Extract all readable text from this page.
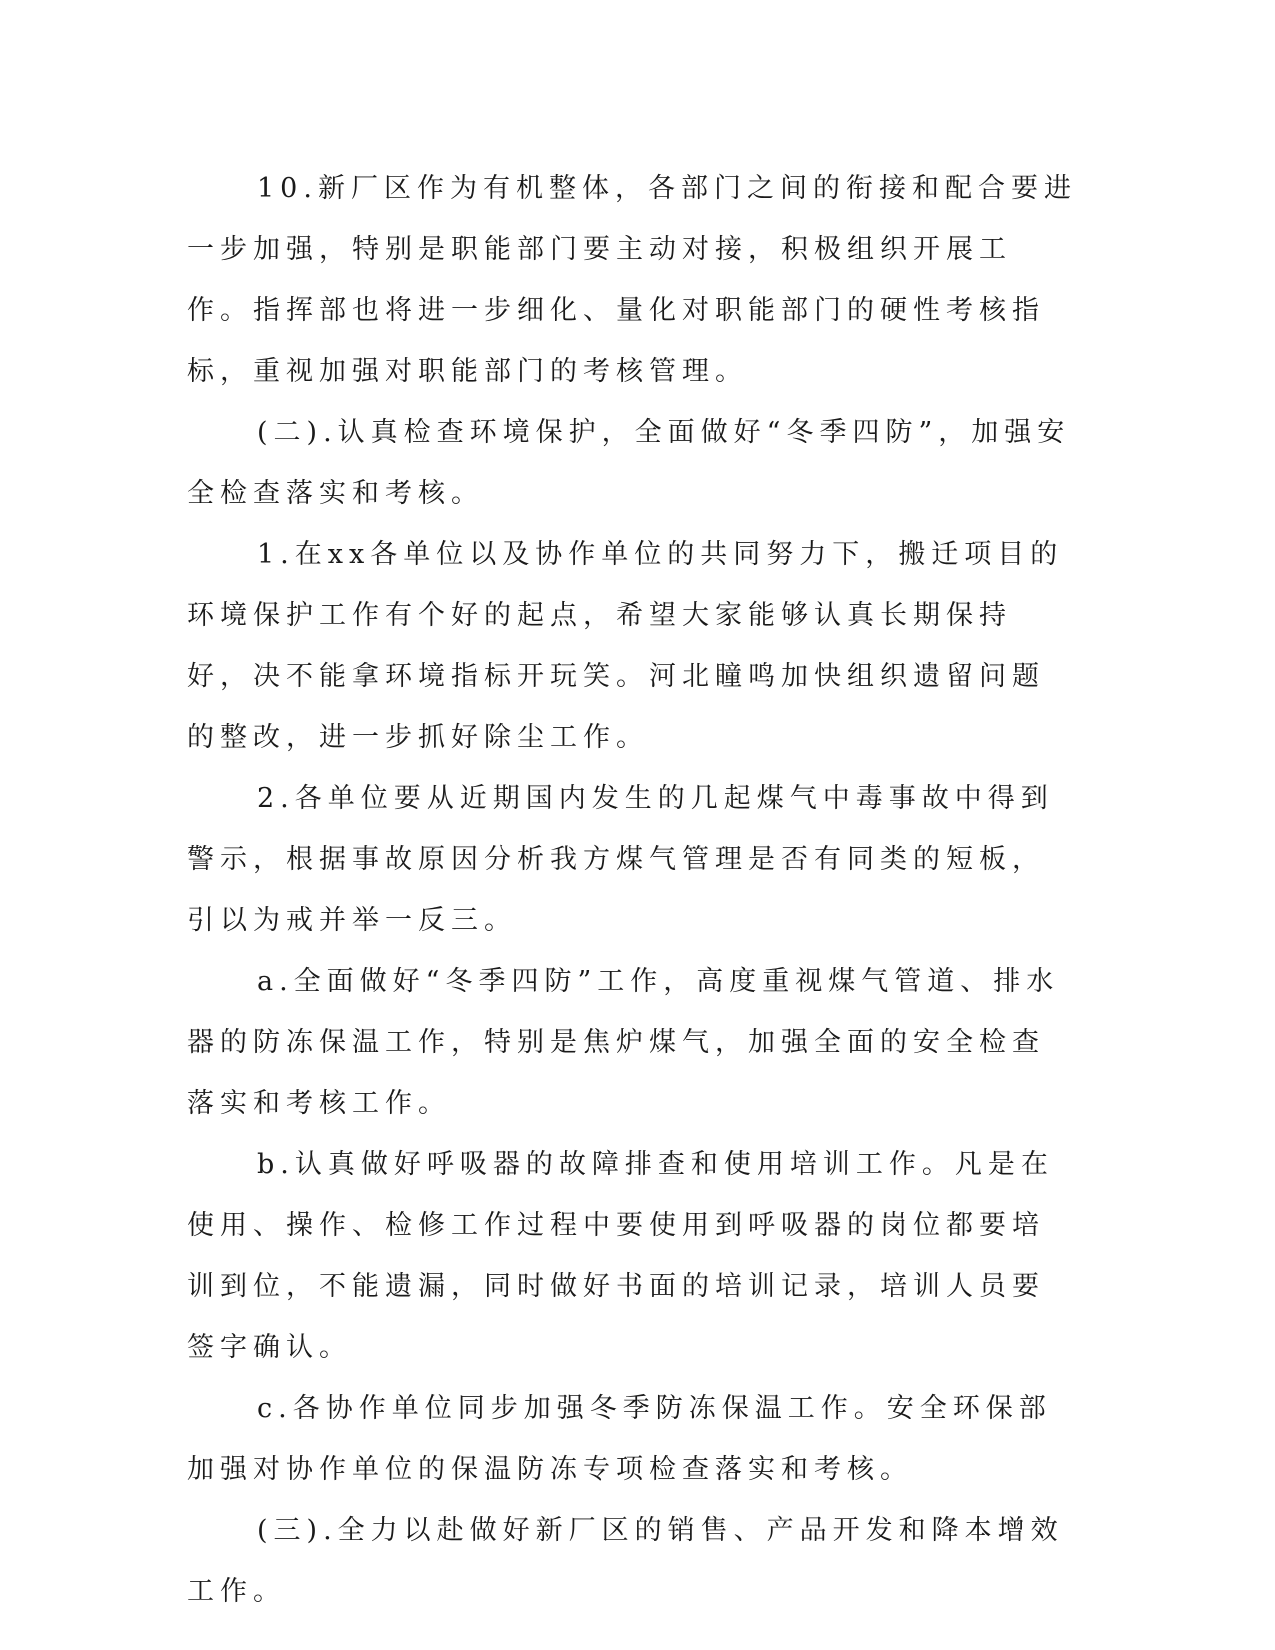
10.新厂区作为有机整体，各部门之间的衔接和配合要进一步加强，特别是职能部门要主动对接，积极组织开展工作。指挥部也将进一步细化、量化对职能部门的硬性考核指标，重视加强对职能部门的考核管理。

(二).认真检查环境保护，全面做好“冬季四防”，加强安全检查落实和考核。

1.在xx各单位以及协作单位的共同努力下，搬迁项目的环境保护工作有个好的起点，希望大家能够认真长期保持好，决不能拿环境指标开玩笑。河北瞳鸣加快组织遗留问题的整改，进一步抓好除尘工作。

2.各单位要从近期国内发生的几起煤气中毒事故中得到警示，根据事故原因分析我方煤气管理是否有同类的短板，引以为戒并举一反三。

a.全面做好“冬季四防”工作，高度重视煤气管道、排水器的防冻保温工作，特别是焦炉煤气，加强全面的安全检查落实和考核工作。

b.认真做好呼吸器的故障排查和使用培训工作。凡是在使用、操作、检修工作过程中要使用到呼吸器的岗位都要培训到位，不能遗漏，同时做好书面的培训记录，培训人员要签字确认。

c.各协作单位同步加强冬季防冻保温工作。安全环保部加强对协作单位的保温防冻专项检查落实和考核。

(三).全力以赴做好新厂区的销售、产品开发和降本增效工作。
